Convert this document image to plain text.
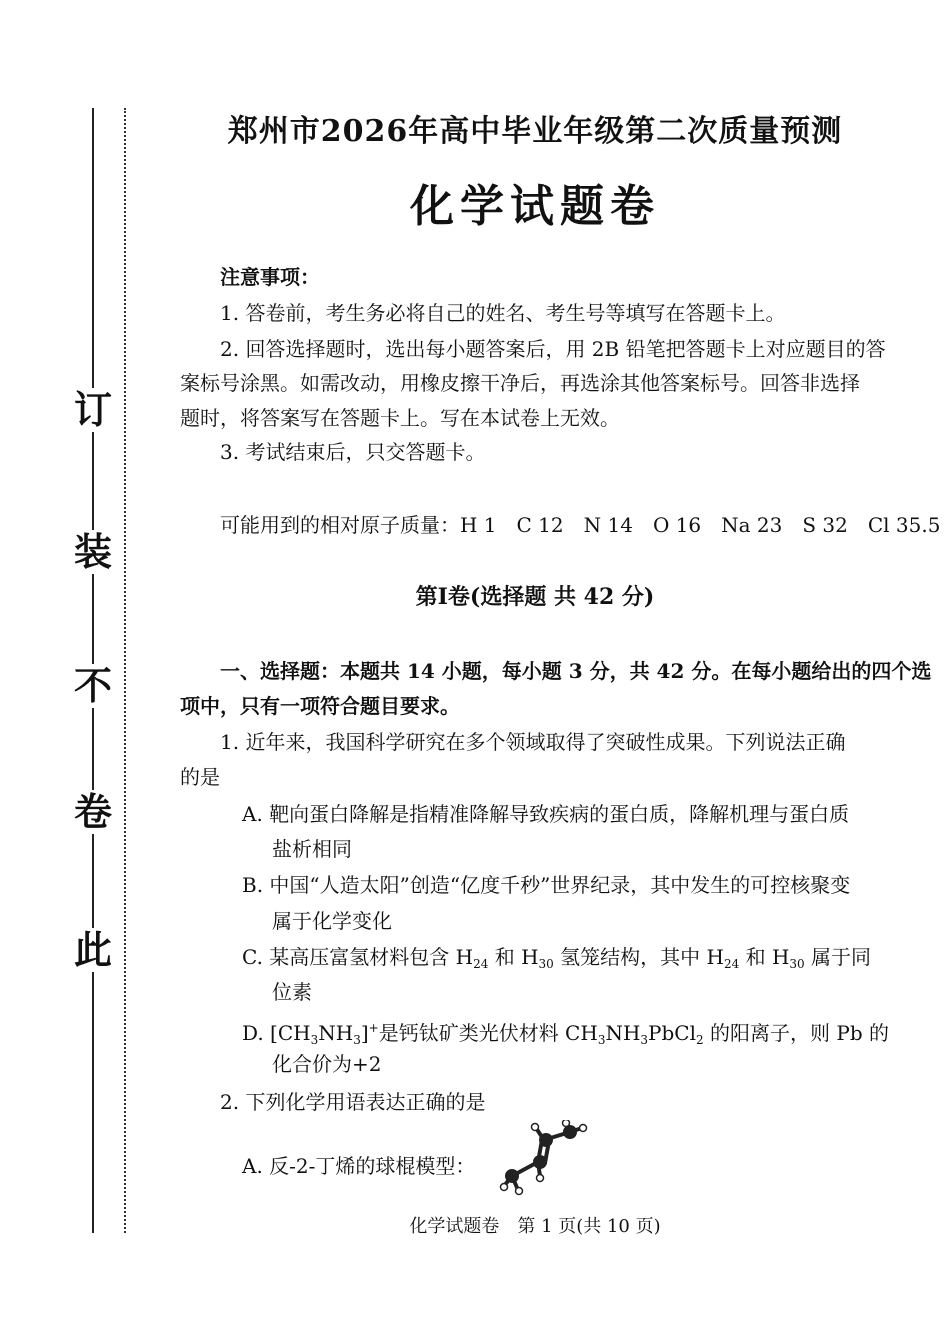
订
装
不
卷
此
郑州市2026年高中毕业年级第二次质量预测
化学试题卷
注意事项：
1. 答卷前，考生务必将自己的姓名、考生号等填写在答题卡上。
2. 回答选择题时，选出每小题答案后，用 2B 铅笔把答题卡上对应题目的答
案标号涂黑。如需改动，用橡皮擦干净后，再选涂其他答案标号。回答非选择
题时，将答案写在答题卡上。写在本试卷上无效。
3. 考试结束后，只交答题卡。
可能用到的相对原子质量：H 1　C 12　N 14　O 16　Na 23　S 32　Cl 35.5
第Ⅰ卷(选择题 共 42 分)
一、选择题：本题共 14 小题，每小题 3 分，共 42 分。在每小题给出的四个选
项中，只有一项符合题目要求。
1. 近年来，我国科学研究在多个领域取得了突破性成果。下列说法正确
的是
A. 靶向蛋白降解是指精准降解导致疾病的蛋白质，降解机理与蛋白质
盐析相同
B. 中国“人造太阳”创造“亿度千秒”世界纪录，其中发生的可控核聚变
属于化学变化
C. 某高压富氢材料包含 $H_{24}$ 和 $H_{30}$ 氢笼结构，其中 $H_{24}$ 和 $H_{30}$ 属于同
位素
D. $[CH_3NH_3]^+$是钙钛矿类光伏材料 $CH_3NH_3PbCl_2$ 的阳离子，则 Pb 的
化合价为+2
2. 下列化学用语表达正确的是
A. 反-2-丁烯的球棍模型：
化学试题卷　第 1 页(共 10 页)
